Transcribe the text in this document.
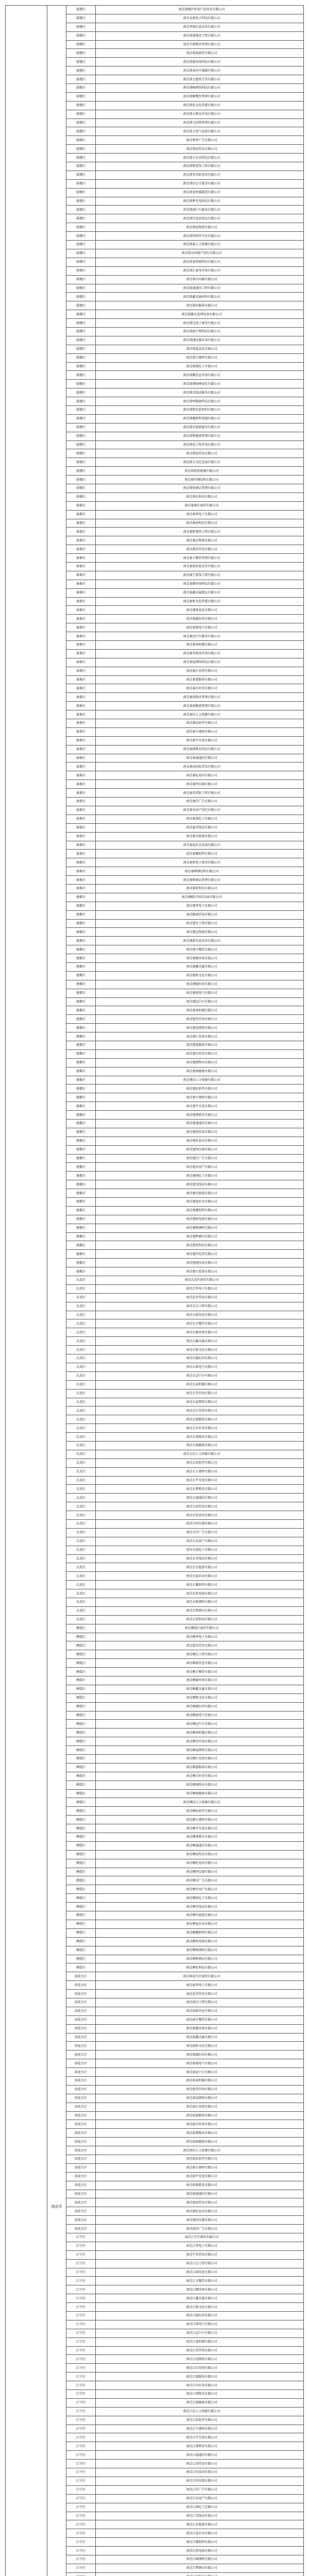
	南京市	鼓楼区	南京鼓楼区机电产品贸易有限公司
		鼓楼区	南京金鼎电子科技有限公司
		鼓楼区	南京华鼎信息技术有限公司
		鼓楼区	南京鼎诚建设工程有限公司
		鼓楼区	南京中鼎物业管理有限公司
		鼓楼区	南京鼎盛商贸有限公司
		鼓楼区	南京鼎新环保科技有限公司
		鼓楼区	南京鼎泰医疗器械有限公司
		鼓楼区	南京鼎力建筑劳务有限公司
		鼓楼区	南京鼎峰网络科技有限公司
		鼓楼区	南京鼎顺餐饮管理有限公司
		鼓楼区	南京鼎旺文化传媒有限公司
		鼓楼区	南京鼎天教育咨询有限公司
		鼓楼区	南京鼎元投资管理有限公司
		鼓楼区	南京鼎立电气设备有限公司
		鼓楼区	南京鼎华广告有限公司
		鼓楼区	南京鼎海贸易有限公司
		鼓楼区	南京鼎丰农业科技有限公司
		鼓楼区	南京鼎和装饰工程有限公司
		鼓楼区	南京鼎安消防设备有限公司
		鼓楼区	南京鼎信会计服务有限公司
		鼓楼区	南京鼎宏机械制造有限公司
		鼓楼区	南京鼎辉光电科技有限公司
		鼓楼区	南京鼎润汽车服务有限公司
		鼓楼区	南京鼎佳家居用品有限公司
		鼓楼区	南京鼎晟物流有限公司
		鼓楼区	南京鼎恒软件开发有限公司
		鼓楼区	南京鼎嘉人力资源有限公司
		鼓楼区	南京鼎业房地产经纪有限公司
		鼓楼区	南京鼎睿智能科技有限公司
		鼓楼区	南京鼎汇商务咨询有限公司
		鼓楼区	南京鼎昌印刷有限公司
		鼓楼区	南京鼎通通信工程有限公司
		鼓楼区	南京鼎鑫金属材料有限公司
		鼓楼区	南京鼎尚服饰有限公司
		鼓楼区	南京鼎源水处理设备有限公司
		鼓楼区	南京鼎达电子商务有限公司
		鼓楼区	南京鼎康生物科技有限公司
		鼓楼区	南京鼎捷仪器仪表有限公司
		鼓楼区	南京鼎福食品有限公司
		鼓楼区	南京鼎兴建材有限公司
		鼓楼区	南京鼎瑞化工有限公司
		鼓楼区	南京鼎聚信息咨询有限公司
		鼓楼区	南京鼎博园林绿化有限公司
		鼓楼区	南京鼎美保洁服务有限公司
		鼓楼区	南京鼎坤数据科技有限公司
		鼓楼区	南京鼎胜包装材料有限公司
		鼓楼区	南京鼎耀照明电器有限公司
		鼓楼区	南京鼎星旅游服务有限公司
		鼓楼区	南京鼎晖健康管理有限公司
		鼓楼区	南京鼎成工程咨询有限公司
		鼓楼区	南京鼎泓贸易有限公司
		鼓楼区	南京鼎言文化发展有限公司
		鼓楼区	南京鼎阳新能源有限公司
		鼓楼区	南京鼎祥钢结构有限公司
		鼓楼区	南京鼎悦酒店管理有限公司
		鼓楼区	南京鼎弘科技有限公司
		秦淮区	南京秦淮区商贸有限公司
		秦淮区	南京秦华电子有限公司
		秦淮区	南京淮海科技有限公司
		秦淮区	南京秦胜建筑工程有限公司
		秦淮区	南京秦达物流有限公司
		秦淮区	南京淮安贸易有限公司
		秦淮区	南京秦丰餐饮管理有限公司
		秦淮区	南京秦新信息技术有限公司
		秦淮区	南京淮宁装饰工程有限公司
		秦淮区	南京秦源环保科技有限公司
		秦淮区	南京秦鑫金属制品有限公司
		秦淮区	南京秦和文化传媒有限公司
		秦淮区	南京淮扬食品有限公司
		秦淮区	南京秦德医药有限公司
		秦淮区	南京秦瑞电气有限公司
		秦淮区	南京秦运汽车服务有限公司
		秦淮区	南京秦泰机械有限公司
		秦淮区	南京淮荣商务咨询有限公司
		秦淮区	南京秦晟网络科技有限公司
		秦淮区	南京秦汇投资有限公司
		秦淮区	南京秦嘉服饰有限公司
		秦淮区	南京秦昌印务有限公司
		秦淮区	南京秦盛物业管理有限公司
		秦淮区	南京秦康健康管理有限公司
		秦淮区	南京秦信人力资源有限公司
		秦淮区	南京淮辰软件有限公司
		秦淮区	南京秦立建材有限公司
		秦淮区	南京秦宇光电有限公司
		秦淮区	南京秦博教育科技有限公司
		秦淮区	南京秦通通信有限公司
		秦淮区	南京秦海国际贸易有限公司
		秦淮区	南京秦旺家居有限公司
		秦淮区	南京秦恒仪器有限公司
		秦淮区	南京秦安消防工程有限公司
		秦淮区	南京秦佳广告有限公司
		秦淮区	南京秦业房产经纪有限公司
		秦淮区	南京秦润化工有限公司
		秦淮区	南京秦美保洁有限公司
		秦淮区	南京秦星旅游有限公司
		秦淮区	南京秦福农业发展有限公司
		秦淮区	南京秦耀照明有限公司
		秦淮区	南京秦欣电子商务有限公司
		秦淮区	南京秦峰钢结构有限公司
		秦淮区	南京秦辉酒店管理有限公司
		秦淮区	南京秦宏科技有限公司
		建邺区	南京建邺区科技发展有限公司
		建邺区	南京建华电子有限公司
		建邺区	南京邺城贸易有限公司
		建邺区	南京建安工程有限公司
		建邺区	南京建达物流有限公司
		建邺区	南京建新信息技术有限公司
		建邺区	南京建丰餐饮有限公司
		建邺区	南京建源环保有限公司
		建邺区	南京建鑫金属有限公司
		建邺区	南京建和文化有限公司
		建邺区	南京建德医药有限公司
		建邺区	南京建瑞电气有限公司
		建邺区	南京建运汽车有限公司
		建邺区	南京建泰机械有限公司
		建邺区	南京建荣咨询有限公司
		建邺区	南京建晟网络有限公司
		建邺区	南京建汇投资有限公司
		建邺区	南京建嘉服饰有限公司
		建邺区	南京建昌印务有限公司
		建邺区	南京建盛物业有限公司
		建邺区	南京建康健康有限公司
		建邺区	南京建信人力资源有限公司
		建邺区	南京建辰软件有限公司
		建邺区	南京建立建材有限公司
		建邺区	南京建宇光电有限公司
		建邺区	南京建博教育有限公司
		建邺区	南京建通通信有限公司
		建邺区	南京建海贸易有限公司
		建邺区	南京建旺家居有限公司
		建邺区	南京建恒仪器有限公司
		建邺区	南京建佳广告有限公司
		建邺区	南京建业房产有限公司
		建邺区	南京建润化工有限公司
		建邺区	南京建美保洁有限公司
		建邺区	南京建星旅游有限公司
		建邺区	南京建福农业有限公司
		建邺区	南京建耀照明有限公司
		建邺区	南京建欣电商有限公司
		建邺区	南京建峰钢构有限公司
		建邺区	南京建辉酒店有限公司
		建邺区	南京建宏科技有限公司
		建邺区	南京建祥包装有限公司
		建邺区	南京建捷仪表有限公司
		建邺区	南京建兴装饰有限公司
		玄武区	南京玄武区商贸有限公司
		玄武区	南京玄华电子有限公司
		玄武区	南京武安贸易有限公司
		玄武区	南京玄达工程有限公司
		玄武区	南京玄新信息有限公司
		玄武区	南京玄丰餐饮有限公司
		玄武区	南京玄源环保有限公司
		玄武区	南京玄鑫金属有限公司
		玄武区	南京玄和文化有限公司
		玄武区	南京玄德医药有限公司
		玄武区	南京玄瑞电气有限公司
		玄武区	南京玄运汽车有限公司
		玄武区	南京玄泰机械有限公司
		玄武区	南京玄荣咨询有限公司
		玄武区	南京玄晟网络有限公司
		玄武区	南京玄汇投资有限公司
		玄武区	南京玄嘉服饰有限公司
		玄武区	南京玄昌印务有限公司
		玄武区	南京玄盛物业有限公司
		玄武区	南京玄康健康有限公司
		玄武区	南京玄信人力资源有限公司
		玄武区	南京玄辰软件有限公司
		玄武区	南京玄立建材有限公司
		玄武区	南京玄宇光电有限公司
		玄武区	南京玄博教育有限公司
		玄武区	南京玄通通信有限公司
		玄武区	南京玄海贸易有限公司
		玄武区	南京玄旺家居有限公司
		玄武区	南京玄恒仪器有限公司
		玄武区	南京玄佳广告有限公司
		玄武区	南京玄业房产有限公司
		玄武区	南京玄润化工有限公司
		玄武区	南京玄美保洁有限公司
		玄武区	南京玄星旅游有限公司
		玄武区	南京玄福农业有限公司
		玄武区	南京玄耀照明有限公司
		玄武区	南京玄欣电商有限公司
		玄武区	南京玄峰钢构有限公司
		玄武区	南京玄辉酒店有限公司
		玄武区	南京玄宏科技有限公司
		栖霞区	南京栖霞区商贸有限公司
		栖霞区	南京栖华电子有限公司
		栖霞区	南京霞安贸易有限公司
		栖霞区	南京栖达工程有限公司
		栖霞区	南京栖新信息有限公司
		栖霞区	南京栖丰餐饮有限公司
		栖霞区	南京栖源环保有限公司
		栖霞区	南京栖鑫金属有限公司
		栖霞区	南京栖和文化有限公司
		栖霞区	南京栖德医药有限公司
		栖霞区	南京栖瑞电气有限公司
		栖霞区	南京栖运汽车有限公司
		栖霞区	南京栖泰机械有限公司
		栖霞区	南京栖荣咨询有限公司
		栖霞区	南京栖晟网络有限公司
		栖霞区	南京栖汇投资有限公司
		栖霞区	南京栖嘉服饰有限公司
		栖霞区	南京栖昌印务有限公司
		栖霞区	南京栖盛物业有限公司
		栖霞区	南京栖康健康有限公司
		栖霞区	南京栖信人力资源有限公司
		栖霞区	南京栖辰软件有限公司
		栖霞区	南京栖立建材有限公司
		栖霞区	南京栖宇光电有限公司
		栖霞区	南京栖博教育有限公司
		栖霞区	南京栖通通信有限公司
		栖霞区	南京栖海贸易有限公司
		栖霞区	南京栖旺家居有限公司
		栖霞区	南京栖恒仪器有限公司
		栖霞区	南京栖佳广告有限公司
		栖霞区	南京栖业房产有限公司
		栖霞区	南京栖润化工有限公司
		栖霞区	南京栖美保洁有限公司
		栖霞区	南京栖星旅游有限公司
		栖霞区	南京栖福农业有限公司
		栖霞区	南京栖耀照明有限公司
		栖霞区	南京栖欣电商有限公司
		栖霞区	南京栖峰钢构有限公司
		栖霞区	南京栖辉酒店有限公司
		栖霞区	南京栖宏科技有限公司
		雨花台区	南京雨花台区商贸有限公司
		雨花台区	南京雨华电子有限公司
		雨花台区	南京花安贸易有限公司
		雨花台区	南京雨达工程有限公司
		雨花台区	南京雨新信息有限公司
		雨花台区	南京雨丰餐饮有限公司
		雨花台区	南京雨源环保有限公司
		雨花台区	南京雨鑫金属有限公司
		雨花台区	南京雨和文化有限公司
		雨花台区	南京雨德医药有限公司
		雨花台区	南京雨瑞电气有限公司
		雨花台区	南京雨运汽车有限公司
		雨花台区	南京雨泰机械有限公司
		雨花台区	南京雨荣咨询有限公司
		雨花台区	南京雨晟网络有限公司
		雨花台区	南京雨汇投资有限公司
		雨花台区	南京雨嘉服饰有限公司
		雨花台区	南京雨昌印务有限公司
		雨花台区	南京雨盛物业有限公司
		雨花台区	南京雨康健康有限公司
		雨花台区	南京雨信人力资源有限公司
		雨花台区	南京雨辰软件有限公司
		雨花台区	南京雨立建材有限公司
		雨花台区	南京雨宇光电有限公司
		雨花台区	南京雨博教育有限公司
		雨花台区	南京雨通通信有限公司
		雨花台区	南京雨海贸易有限公司
		雨花台区	南京雨旺家居有限公司
		雨花台区	南京雨恒仪器有限公司
		雨花台区	南京雨佳广告有限公司
		江宁区	南京江宁区商贸有限公司
		江宁区	南京江华电子有限公司
		江宁区	南京宁安贸易有限公司
		江宁区	南京江达工程有限公司
		江宁区	南京江新信息有限公司
		江宁区	南京江丰餐饮有限公司
		江宁区	南京江源环保有限公司
		江宁区	南京江鑫金属有限公司
		江宁区	南京江和文化有限公司
		江宁区	南京江德医药有限公司
		江宁区	南京江瑞电气有限公司
		江宁区	南京江运汽车有限公司
		江宁区	南京江泰机械有限公司
		江宁区	南京江荣咨询有限公司
		江宁区	南京江晟网络有限公司
		江宁区	南京江汇投资有限公司
		江宁区	南京江嘉服饰有限公司
		江宁区	南京江昌印务有限公司
		江宁区	南京江盛物业有限公司
		江宁区	南京江康健康有限公司
		江宁区	南京江信人力资源有限公司
		江宁区	南京江辰软件有限公司
		江宁区	南京江立建材有限公司
		江宁区	南京江宇光电有限公司
		江宁区	南京江博教育有限公司
		江宁区	南京江通通信有限公司
		江宁区	南京江海贸易有限公司
		江宁区	南京江旺家居有限公司
		江宁区	南京江恒仪器有限公司
		江宁区	南京江佳广告有限公司
		江宁区	南京江业房产有限公司
		江宁区	南京江润化工有限公司
		江宁区	南京江美保洁有限公司
		江宁区	南京江星旅游有限公司
		江宁区	南京江福农业有限公司
		江宁区	南京江耀照明有限公司
		江宁区	南京江欣电商有限公司
		江宁区	南京江峰钢构有限公司
		江宁区	南京江辉酒店有限公司
